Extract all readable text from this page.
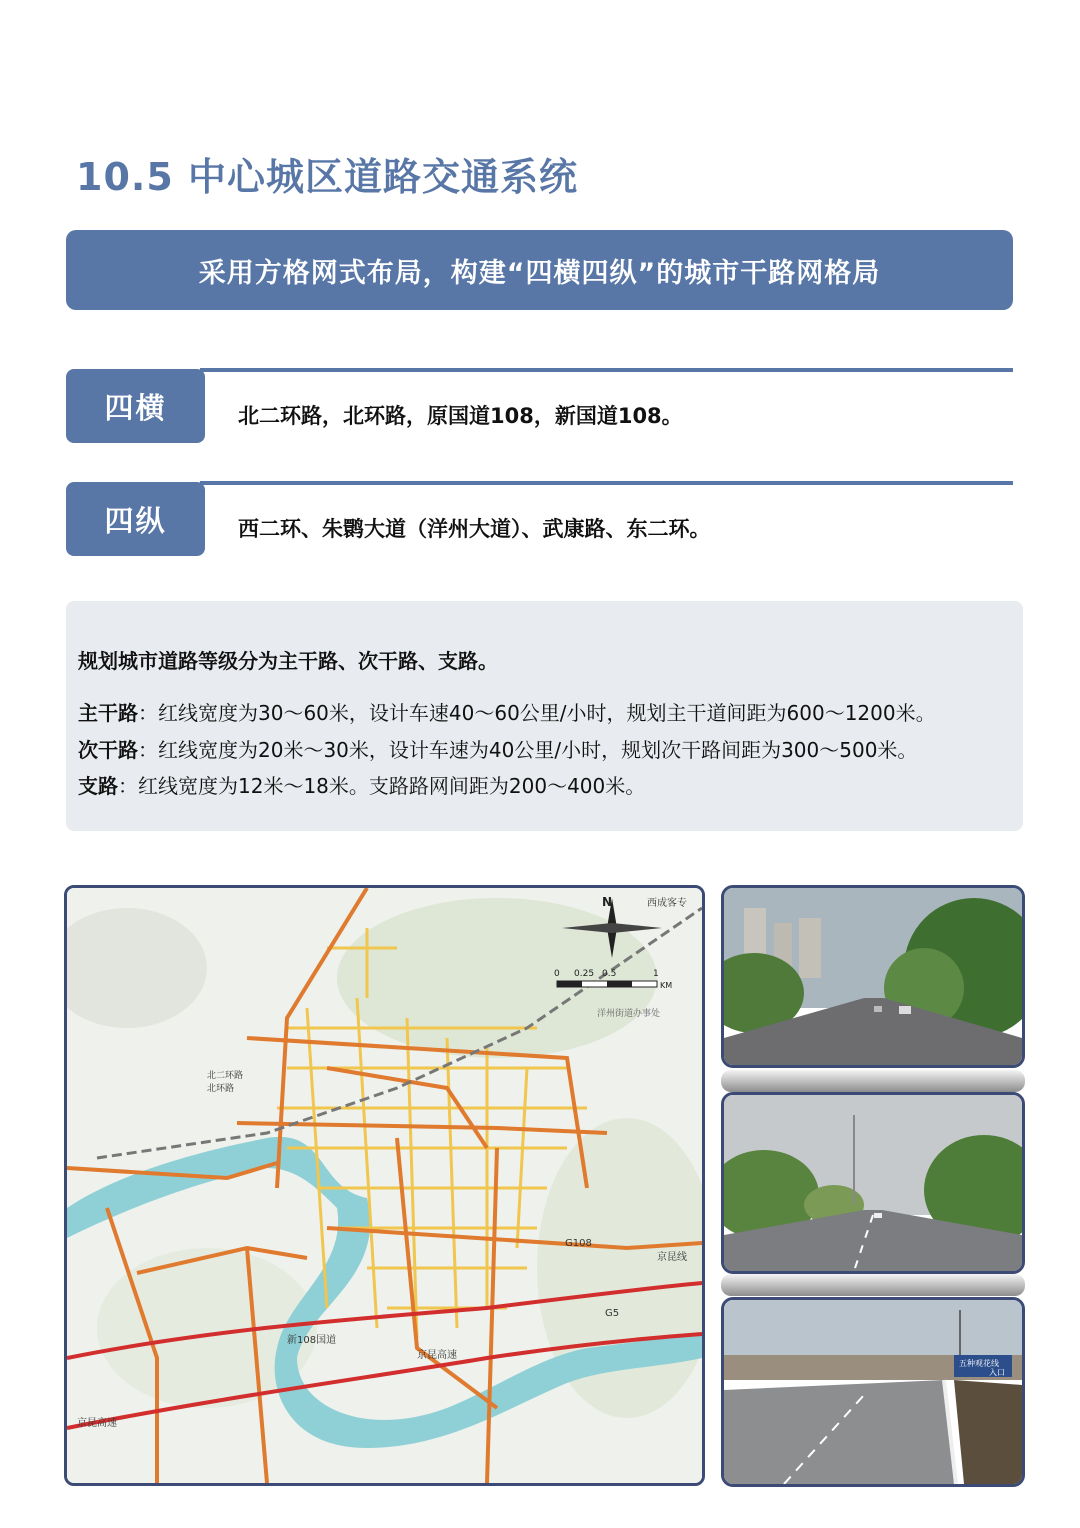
10.5 中心城区道路交通系统
采用方格网式布局，构建“四横四纵”的城市干路网格局
四横	北二环路，北环路，原国道108，新国道108。
四纵	西二环、朱鹮大道（洋州大道）、武康路、东二环。
规划城市道路等级分为主干路、次干路、支路。
主干路：红线宽度为30～60米，设计车速40～60公里/小时，规划主干道间距为600～1200米。
次干路：红线宽度为20米～30米，设计车速为40公里/小时，规划次干路间距为300～500米。
支路：红线宽度为12米～18米。支路路网间距为200～400米。
N
0 0.25 0.5	1
KM
京昆高速
京昆高速
京昆线
新108国道
G108
G5
西成客专
洋州街道办事处
北二环路
北环路
五种观花线
入口
